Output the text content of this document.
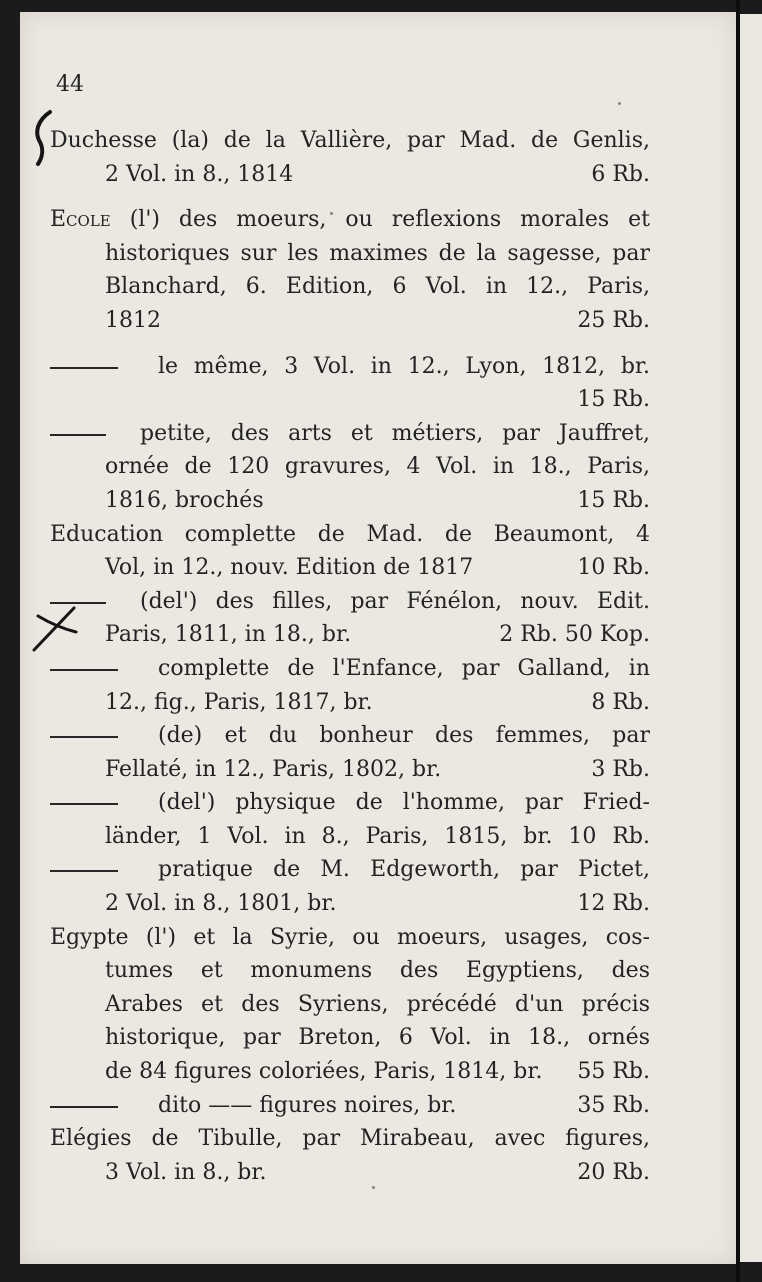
44
Duchesse (la) de la Vallière, par Mad. de Genlis,
2 Vol. in 8., 1814	6 Rb.
Ecole (l') des moeurs, ou reflexions morales et
historiques sur les maximes de la sagesse, par
Blanchard, 6. Edition, 6 Vol. in 12., Paris,
1812	25 Rb.
le même, 3 Vol. in 12., Lyon, 1812, br.
15 Rb.
petite, des arts et métiers, par Jauffret,
ornée de 120 gravures, 4 Vol. in 18., Paris,
1816, brochés	15 Rb.
Education complette de Mad. de Beaumont, 4
Vol, in 12., nouv. Edition de 1817	10 Rb.
(del') des filles, par Fénélon, nouv. Edit.
Paris, 1811, in 18., br.	2 Rb. 50 Kop.
complette de l'Enfance, par Galland, in
12., fig., Paris, 1817, br.	8 Rb.
(de) et du bonheur des femmes, par
Fellaté, in 12., Paris, 1802, br.	3 Rb.
(del') physique de l'homme, par Fried-
länder, 1 Vol. in 8., Paris, 1815, br. 10 Rb.
pratique de M. Edgeworth, par Pictet,
2 Vol. in 8., 1801, br.	12 Rb.
Egypte (l') et la Syrie, ou moeurs, usages, cos-
tumes et monumens des Egyptiens, des
Arabes et des Syriens, précédé d'un précis
historique, par Breton, 6 Vol. in 18., ornés
de 84 figures coloriées, Paris, 1814, br. 55 Rb.
dito —— figures noires, br.	35 Rb.
Elégies de Tibulle, par Mirabeau, avec figures,
3 Vol. in 8., br.	20 Rb.
